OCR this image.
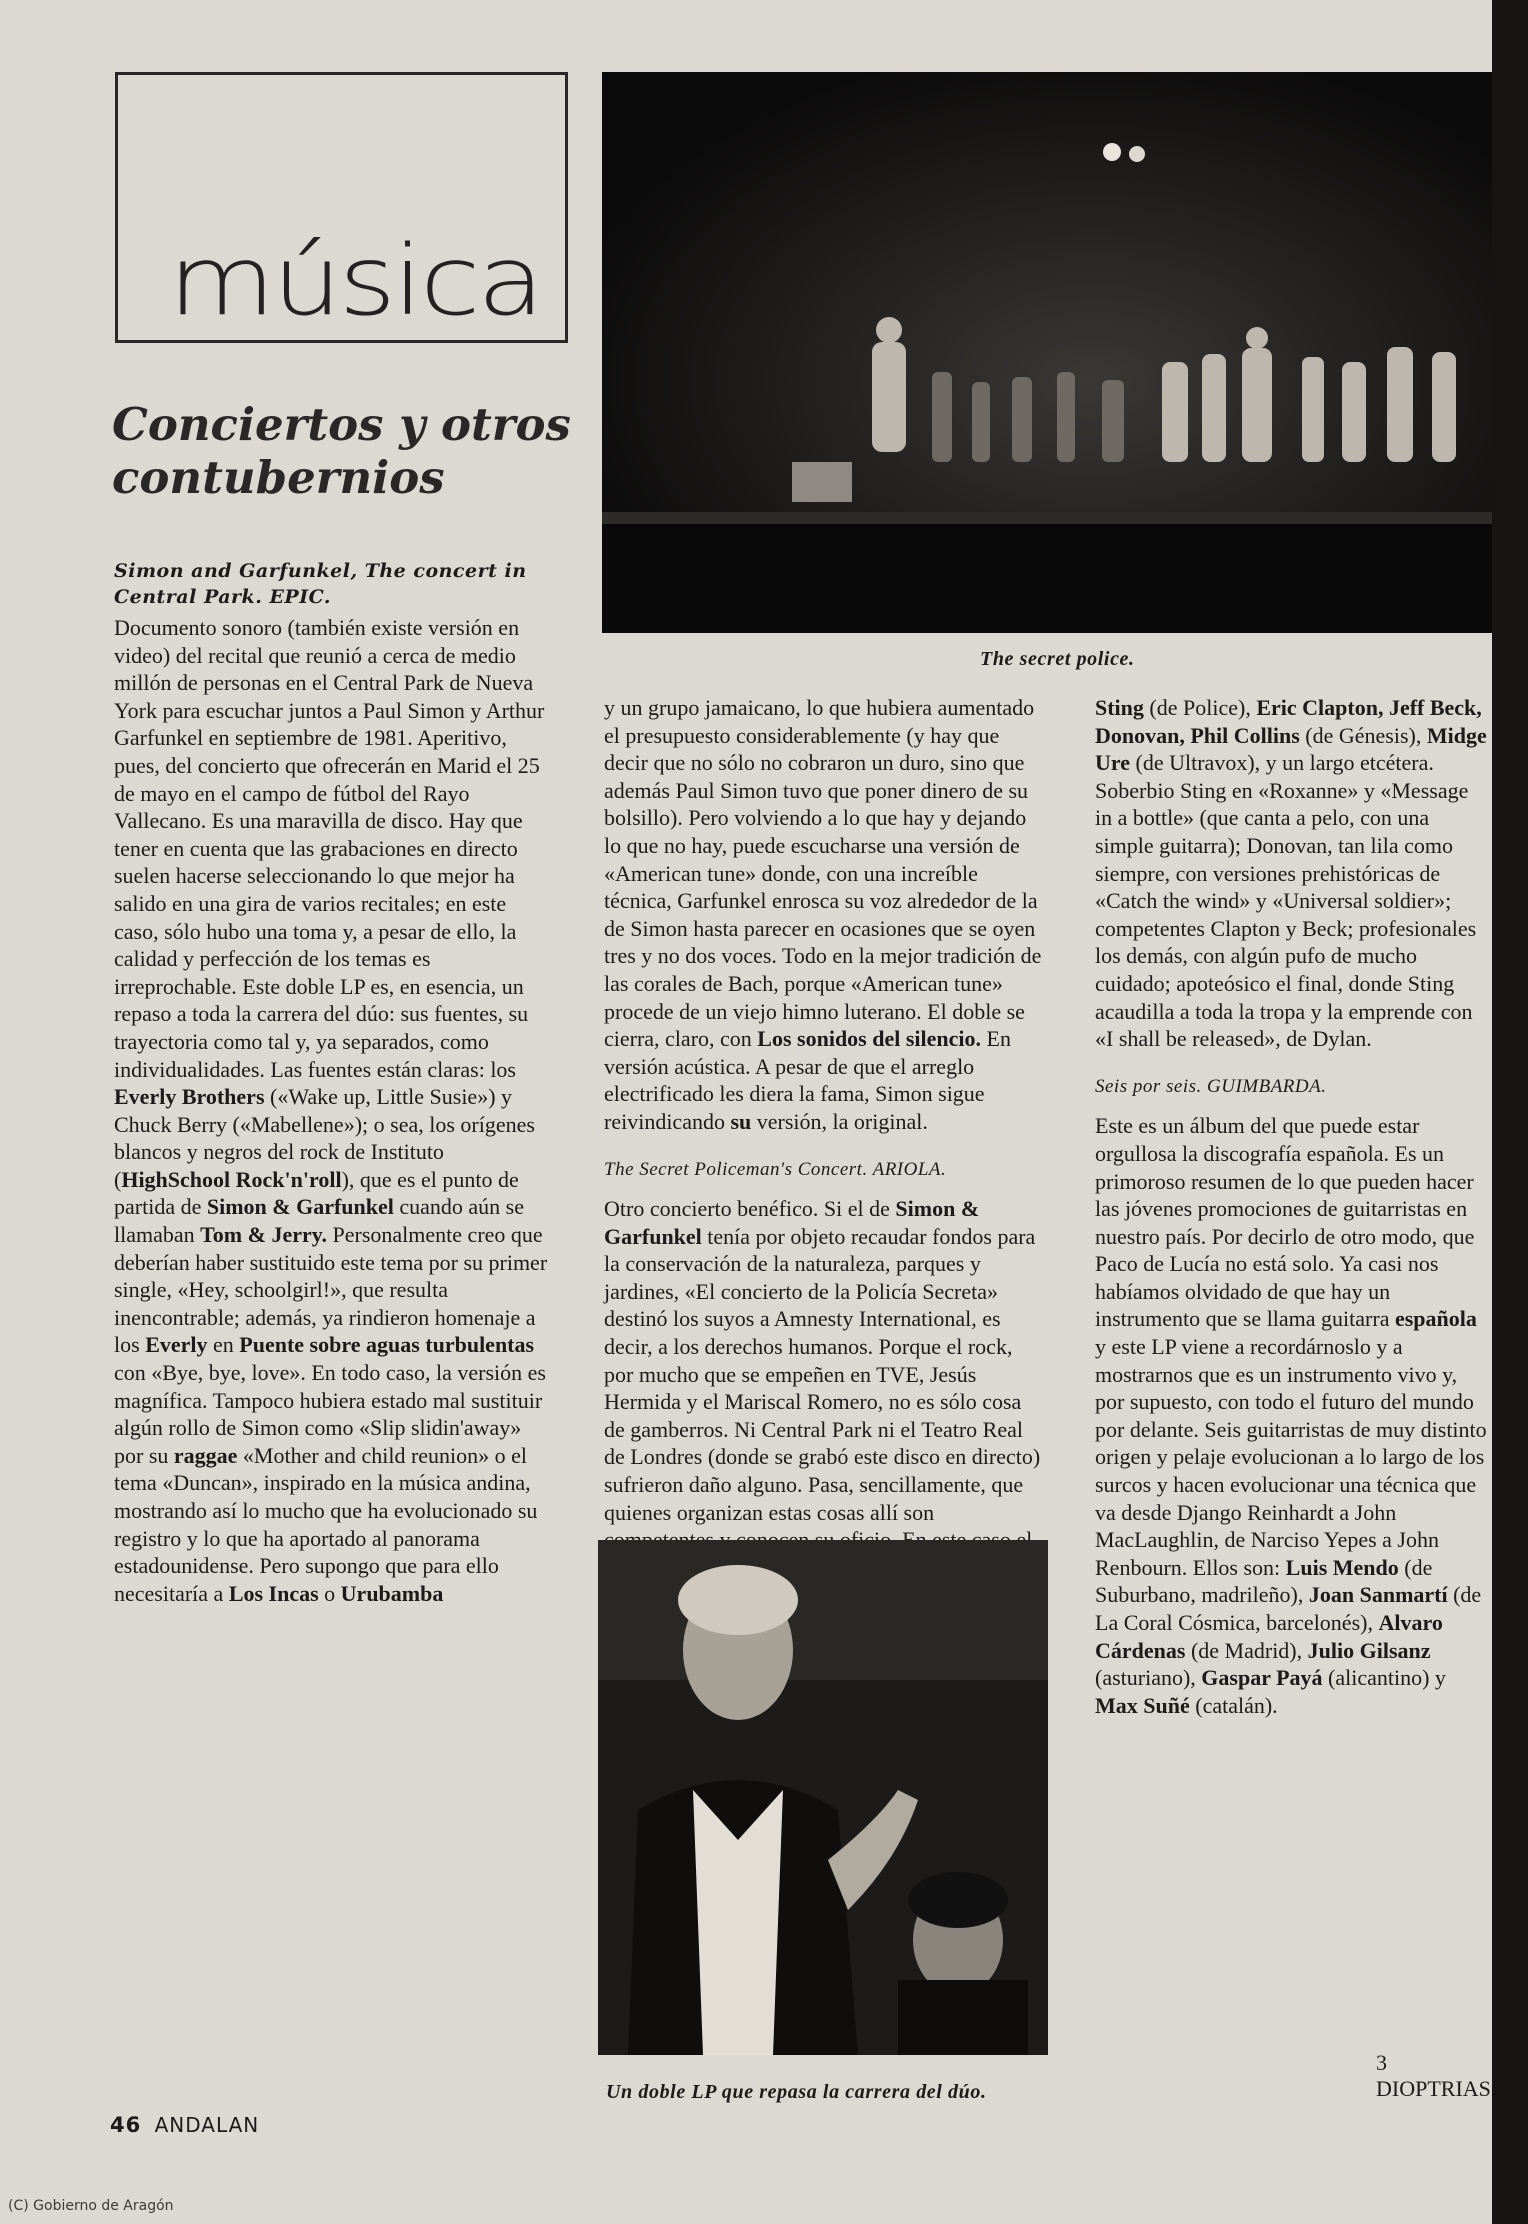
música
Conciertos y otros contubernios
The secret police.
Simon and Garfunkel, The concert in Central Park. EPIC.

Documento sonoro (también existe versión en video) del recital que reunió a cerca de medio millón de personas en el Central Park de Nueva York para escuchar juntos a Paul Simon y Arthur Garfunkel en septiembre de 1981. Aperitivo, pues, del concierto que ofrecerán en Marid el 25 de mayo en el campo de fútbol del Rayo Vallecano. Es una maravilla de disco. Hay que tener en cuenta que las grabaciones en directo suelen hacerse seleccionando lo que mejor ha salido en una gira de varios recitales; en este caso, sólo hubo una toma y, a pesar de ello, la calidad y perfección de los temas es irreprochable. Este doble LP es, en esencia, un repaso a toda la carrera del dúo: sus fuentes, su trayectoria como tal y, ya separados, como individualidades. Las fuentes están claras: los Everly Brothers («Wake up, Little Susie») y Chuck Berry («Mabellene»); o sea, los orígenes blancos y negros del rock de Instituto (HighSchool Rock'n'roll), que es el punto de partida de Simon & Garfunkel cuando aún se llamaban Tom & Jerry. Personalmente creo que deberían haber sustituido este tema por su primer single, «Hey, schoolgirl!», que resulta inencontrable; además, ya rindieron homenaje a los Everly en Puente sobre aguas turbulentas con «Bye, bye, love». En todo caso, la versión es magnífica. Tampoco hubiera estado mal sustituir algún rollo de Simon como «Slip slidin'away» por su raggae «Mother and child reunion» o el tema «Duncan», inspirado en la música andina, mostrando así lo mucho que ha evolucionado su registro y lo que ha aportado al panorama estadounidense. Pero supongo que para ello necesitaría a Los Incas o Urubamba

y un grupo jamaicano, lo que hubiera aumentado el presupuesto considerablemente (y hay que decir que no sólo no cobraron un duro, sino que además Paul Simon tuvo que poner dinero de su bolsillo). Pero volviendo a lo que hay y dejando lo que no hay, puede escucharse una versión de «American tune» donde, con una increíble técnica, Garfunkel enrosca su voz alrededor de la de Simon hasta parecer en ocasiones que se oyen tres y no dos voces. Todo en la mejor tradición de las corales de Bach, porque «American tune» procede de un viejo himno luterano. El doble se cierra, claro, con Los sonidos del silencio. En versión acústica. A pesar de que el arreglo electrificado les diera la fama, Simon sigue reivindicando su versión, la original.

The Secret Policeman's Concert. ARIOLA.

Otro concierto benéfico. Si el de Simon & Garfunkel tenía por objeto recaudar fondos para la conservación de la naturaleza, parques y jardines, «El concierto de la Policía Secreta» destinó los suyos a Amnesty International, es decir, a los derechos humanos. Porque el rock, por mucho que se empeñen en TVE, Jesús Hermida y el Mariscal Romero, no es sólo cosa de gamberros. Ni Central Park ni el Teatro Real de Londres (donde se grabó este disco en directo) sufrieron daño alguno. Pasa, sencillamente, que quienes organizan estas cosas allí son

Sting (de Police), Eric Clapton, Jeff Beck, Donovan, Phil Collins (de Génesis), Midge Ure (de Ultravox), y un largo etcétera. Soberbio Sting en «Roxanne» y «Message in a bottle» (que canta a pelo, con una simple guitarra); Donovan, tan lila como siempre, con versiones prehistóricas de «Catch the wind» y «Universal soldier»; competentes Clapton y Beck; profesionales los demás, con algún pufo de mucho cuidado; apoteósico el final, donde Sting acaudilla a toda la tropa y la emprende con «I shall be released», de Dylan.

Seis por seis. GUIMBARDA.

Este es un álbum del que puede estar orgullosa la discografía española. Es un primoroso resumen de lo que pueden hacer las jóvenes promociones de guitarristas en nuestro país. Por decirlo de otro modo, que Paco de Lucía no está solo. Ya casi nos habíamos olvidado de que hay un instrumento que se llama guitarra española y este LP viene a recordárnoslo y a mostrarnos que es un instrumento vivo y, por supuesto, con todo el futuro del mundo por delante. Seis guitarristas de muy distinto origen y pelaje evolucionan a lo largo de los surcos y hacen evolucionar una técnica que va desde Django Reinhardt a John MacLaughlin, de Narciso Yepes a John Renbourn. Ellos son: Luis Mendo (de Suburbano, madrileño), Joan Sanmartí (de La Coral Cósmica, barcelonés), Alvaro Cárdenas (de Madrid), Julio Gilsanz (asturiano), Gaspar Payá (alicantino) y Max Suñé (catalán).

Un doble LP que repasa la carrera del dúo.
3 DIOPTRIAS
46 ANDALAN
(C) Gobierno de Aragón
